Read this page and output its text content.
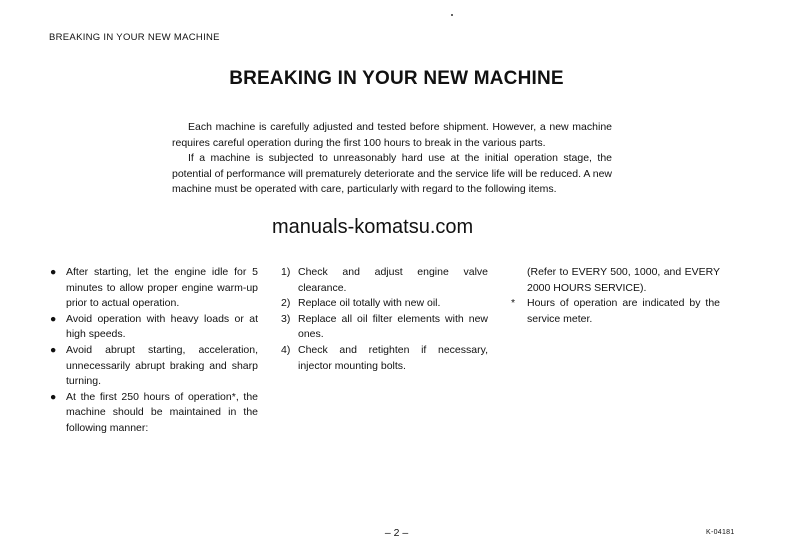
BREAKING IN YOUR NEW MACHINE
BREAKING IN YOUR NEW MACHINE

Each machine is carefully adjusted and tested before shipment. However, a new machine requires careful operation during the first 100 hours to break in the various parts.

If a machine is subjected to unreasonably hard use at the initial operation stage, the potential of performance will prematurely deteriorate and the service life will be reduced. A new machine must be operated with care, particularly with regard to the following items.

manuals-komatsu.com
● After starting, let the engine idle for 5 minutes to allow proper engine warm-up prior to actual operation.
● Avoid operation with heavy loads or at high speeds.
● Avoid abrupt starting, acceleration, unnecessarily abrupt braking and sharp turning.
● At the first 250 hours of operation*, the machine should be maintained in the following manner:
1) Check and adjust engine valve clearance.
2) Replace oil totally with new oil.
3) Replace all oil filter elements with new ones.
4) Check and retighten if necessary, injector mounting bolts.
(Refer to EVERY 500, 1000, and EVERY 2000 HOURS SERVICE).
* Hours of operation are indicated by the service meter.
– 2 –	K-04181
